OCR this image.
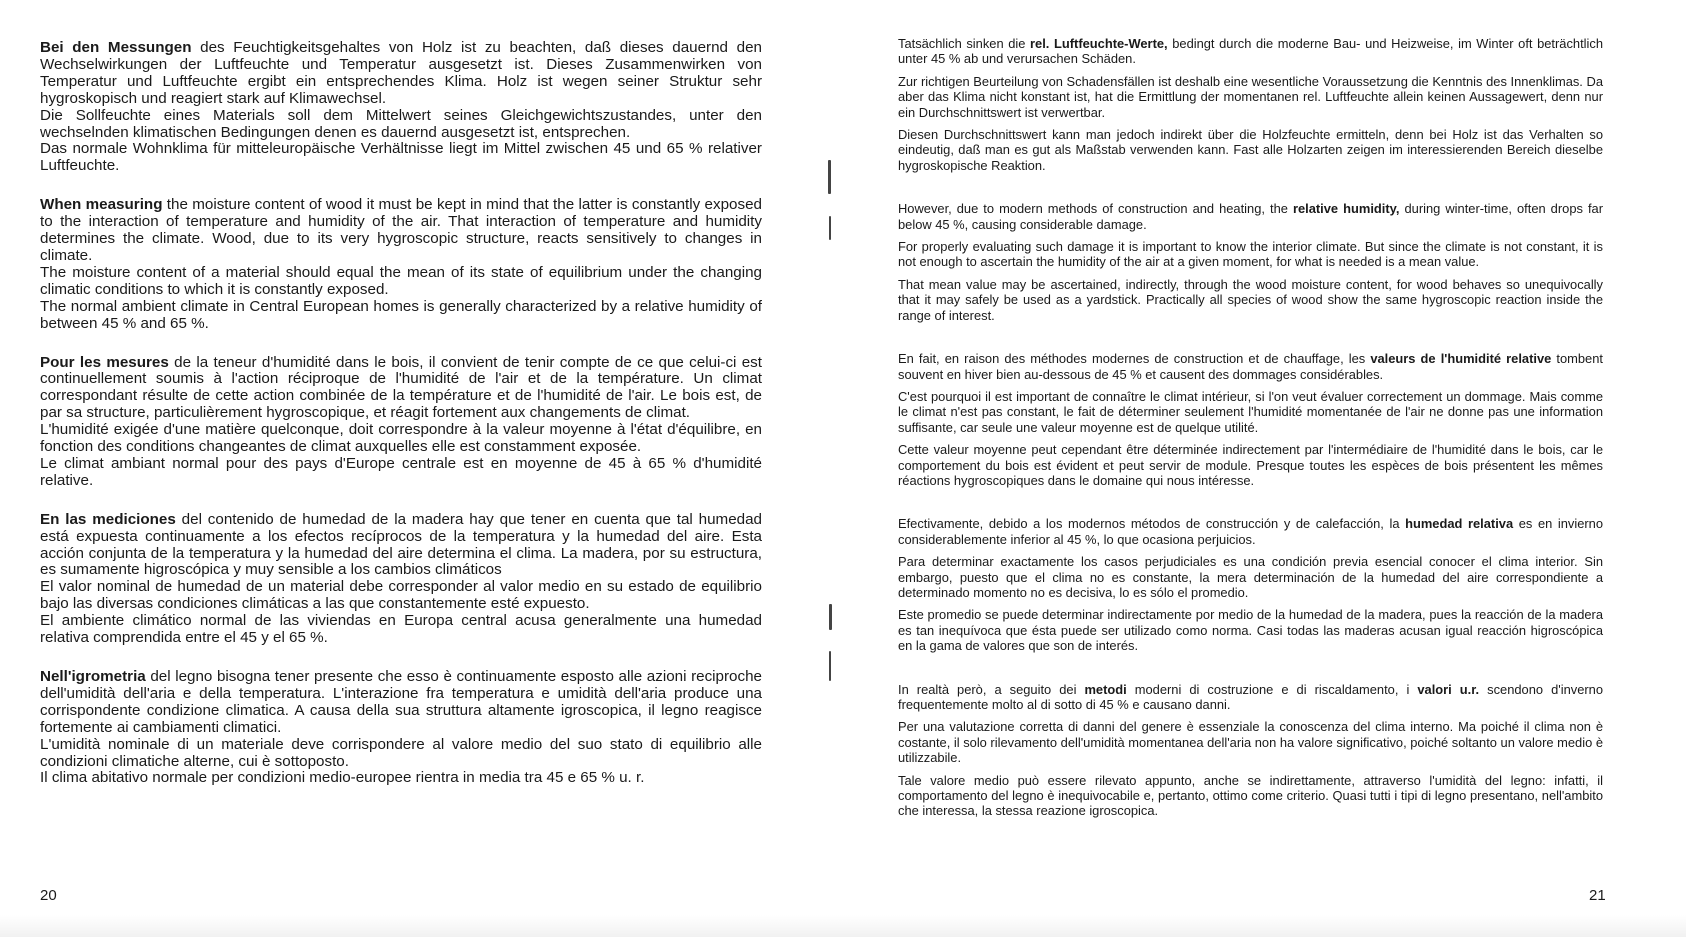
Bei den Messungen des Feuchtigkeitsgehaltes von Holz ist zu beachten, daß dieses dauernd den Wechselwirkungen der Luftfeuchte und Temperatur ausgesetzt ist. Dieses Zusammenwirken von Temperatur und Luftfeuchte ergibt ein entsprechendes Klima. Holz ist wegen seiner Struktur sehr hygroskopisch und reagiert stark auf Klimawechsel.

Die Sollfeuchte eines Materials soll dem Mittelwert seines Gleichgewichtszustandes, unter den wechselnden klimatischen Bedingungen denen es dauernd ausgesetzt ist, entsprechen.

Das normale Wohnklima für mitteleuropäische Verhältnisse liegt im Mittel zwischen 45 und 65 % relativer Luftfeuchte.

When measuring the moisture content of wood it must be kept in mind that the latter is constantly exposed to the interaction of temperature and humidity of the air. That interaction of temperature and humidity determines the climate. Wood, due to its very hygroscopic structure, reacts sensitively to changes in climate.

The moisture content of a material should equal the mean of its state of equilibrium under the changing climatic conditions to which it is constantly exposed.

The normal ambient climate in Central European homes is generally characterized by a relative humidity of between 45 % and 65 %.

Pour les mesures de la teneur d'humidité dans le bois, il convient de tenir compte de ce que celui-ci est continuellement soumis à l'action réciproque de l'humidité de l'air et de la température. Un climat correspondant résulte de cette action combinée de la température et de l'humidité de l'air. Le bois est, de par sa structure, particulièrement hygroscopique, et réagit fortement aux changements de climat.

L'humidité exigée d'une matière quelconque, doit correspondre à la valeur moyenne à l'état d'équilibre, en fonction des conditions changeantes de climat auxquelles elle est constamment exposée.

Le climat ambiant normal pour des pays d'Europe centrale est en moyenne de 45 à 65 % d'humidité relative.

En las mediciones del contenido de humedad de la madera hay que tener en cuenta que tal humedad está expuesta continuamente a los efectos recíprocos de la temperatura y la humedad del aire. Esta acción conjunta de la temperatura y la humedad del aire determina el clima. La madera, por su estructura, es sumamente higroscópica y muy sensible a los cambios climáticos

El valor nominal de humedad de un material debe corresponder al valor medio en su estado de equilibrio bajo las diversas condiciones climáticas a las que constantemente esté expuesto.

El ambiente climático normal de las viviendas en Europa central acusa generalmente una humedad relativa comprendida entre el 45 y el 65 %.

Nell'igrometria del legno bisogna tener presente che esso è continuamente esposto alle azioni reciproche dell'umidità dell'aria e della temperatura. L'interazione fra temperatura e umidità dell'aria produce una corrispondente condizione climatica. A causa della sua struttura altamente igroscopica, il legno reagisce fortemente ai cambiamenti climatici.

L'umidità nominale di un materiale deve corrispondere al valore medio del suo stato di equilibrio alle condizioni climatiche alterne, cui è sottoposto.

Il clima abitativo normale per condizioni medio-europee rientra in media tra 45 e 65 % u. r.

20

Tatsächlich sinken die rel. Luftfeuchte-Werte, bedingt durch die moderne Bau- und Heizweise, im Winter oft beträchtlich unter 45 % ab und verursachen Schäden.

Zur richtigen Beurteilung von Schadensfällen ist deshalb eine wesentliche Voraussetzung die Kenntnis des Innenklimas. Da aber das Klima nicht konstant ist, hat die Ermittlung der momentanen rel. Luftfeuchte allein keinen Aussagewert, denn nur ein Durchschnittswert ist verwertbar.

Diesen Durchschnittswert kann man jedoch indirekt über die Holzfeuchte ermitteln, denn bei Holz ist das Verhalten so eindeutig, daß man es gut als Maßstab verwenden kann. Fast alle Holzarten zeigen im interessierenden Bereich dieselbe hygroskopische Reaktion.

However, due to modern methods of construction and heating, the relative humidity, during winter-time, often drops far below 45 %, causing considerable damage.

For properly evaluating such damage it is important to know the interior climate. But since the climate is not constant, it is not enough to ascertain the humidity of the air at a given moment, for what is needed is a mean value.

That mean value may be ascertained, indirectly, through the wood moisture content, for wood behaves so unequivocally that it may safely be used as a yardstick. Practically all species of wood show the same hygroscopic reaction inside the range of interest.

En fait, en raison des méthodes modernes de construction et de chauffage, les valeurs de l'humidité relative tombent souvent en hiver bien au-dessous de 45 % et causent des dommages considérables.

C'est pourquoi il est important de connaître le climat intérieur, si l'on veut évaluer correctement un dommage. Mais comme le climat n'est pas constant, le fait de déterminer seulement l'humidité momentanée de l'air ne donne pas une information suffisante, car seule une valeur moyenne est de quelque utilité.

Cette valeur moyenne peut cependant être déterminée indirectement par l'intermédiaire de l'humidité dans le bois, car le comportement du bois est évident et peut servir de module. Presque toutes les espèces de bois présentent les mêmes réactions hygroscopiques dans le domaine qui nous intéresse.

Efectivamente, debido a los modernos métodos de construcción y de calefacción, la humedad relativa es en invierno considerablemente inferior al 45 %, lo que ocasiona perjuicios.

Para determinar exactamente los casos perjudiciales es una condición previa esencial conocer el clima interior. Sin embargo, puesto que el clima no es constante, la mera determinación de la humedad del aire correspondiente a determinado momento no es decisiva, lo es sólo el promedio.

Este promedio se puede determinar indirectamente por medio de la humedad de la madera, pues la reacción de la madera es tan inequívoca que ésta puede ser utilizado como norma. Casi todas las maderas acusan igual reacción higroscópica en la gama de valores que son de interés.

In realtà però, a seguito dei metodi moderni di costruzione e di riscaldamento, i valori u.r. scendono d'inverno frequentemente molto al di sotto di 45 % e causano danni.

Per una valutazione corretta di danni del genere è essenziale la conoscenza del clima interno. Ma poiché il clima non è costante, il solo rilevamento dell'umidità momentanea dell'aria non ha valore significativo, poiché soltanto un valore medio è utilizzabile.

Tale valore medio può essere rilevato appunto, anche se indirettamente, attraverso l'umidità del legno: infatti, il comportamento del legno è inequivocabile e, pertanto, ottimo come criterio. Quasi tutti i tipi di legno presentano, nell'ambito che interessa, la stessa reazione igroscopica.

21
